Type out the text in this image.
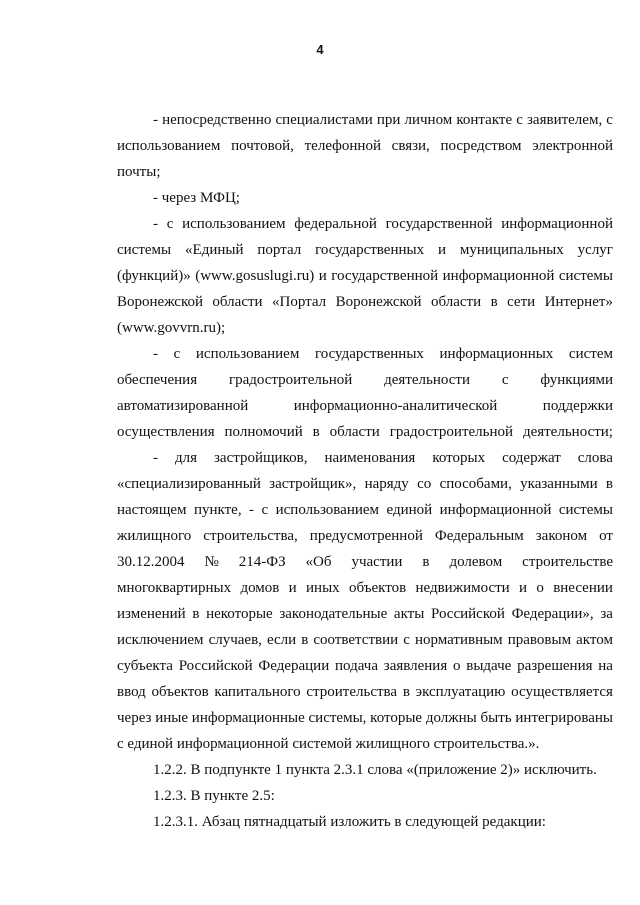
4
- непосредственно специалистами при личном контакте с заявителем, с
использованием почтовой, телефонной связи, посредством электронной
почты;
- через МФЦ;
- с использованием федеральной государственной информационной
системы «Единый портал государственных и муниципальных услуг
(функций)» (www.gosuslugi.ru) и государственной информационной системы
Воронежской области «Портал Воронежской области в сети Интернет»
(www.govvrn.ru);
- с использованием государственных информационных систем
обеспечения градостроительной деятельности с функциями
автоматизированной	информационно-аналитической	поддержки
осуществления полномочий в области градостроительной деятельности;
- для застройщиков, наименования которых содержат слова
«специализированный застройщик», наряду со способами, указанными в
настоящем пункте, - с использованием единой информационной системы
жилищного строительства, предусмотренной Федеральным законом от
30.12.2004 № 214-ФЗ «Об участии в долевом строительстве
многоквартирных домов и иных объектов недвижимости и о внесении
изменений в некоторые законодательные акты Российской Федерации», за
исключением случаев, если в соответствии с нормативным правовым актом
субъекта Российской Федерации подача заявления о выдаче разрешения на
ввод объектов капитального строительства в эксплуатацию осуществляется
через иные информационные системы, которые должны быть интегрированы
с единой информационной системой жилищного строительства.».
1.2.2. В подпункте 1 пункта 2.3.1 слова «(приложение 2)» исключить.
1.2.3. В пункте 2.5:
1.2.3.1. Абзац пятнадцатый изложить в следующей редакции:
